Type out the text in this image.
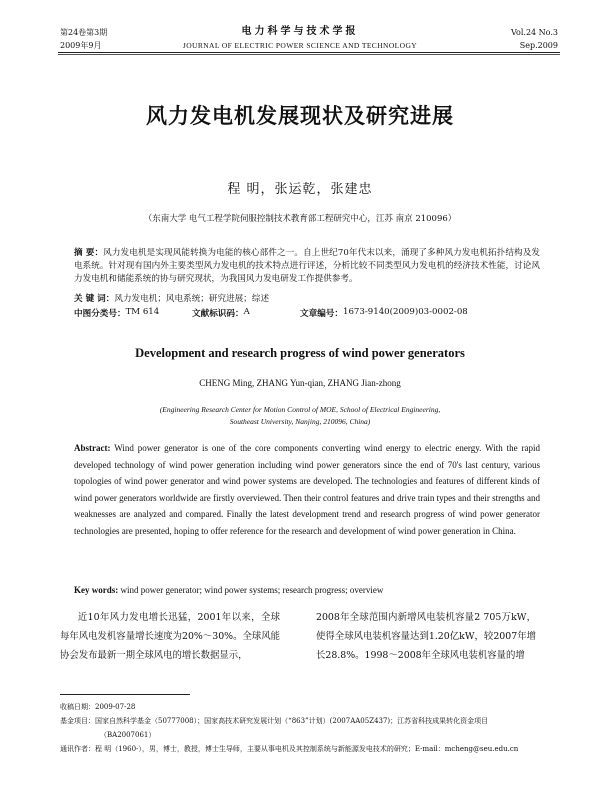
第24卷第3期
2009年9月
电力科学与技术学报
JOURNAL OF ELECTRIC POWER SCIENCE AND TECHNOLOGY
Vol.24 No.3
Sep.2009
风力发电机发展现状及研究进展
程 明，张运乾，张建忠
（东南大学 电气工程学院伺服控制技术教育部工程研究中心，江苏 南京 210096）
摘 要：风力发电机是实现风能转换为电能的核心部件之一。自上世纪70年代末以来，涌现了多种风力发电机拓扑结构及发电系统。针对现有国内外主要类型风力发电机的技术特点进行评述，分析比较不同类型风力发电机的经济技术性能，讨论风力发电机和储能系统的协与研究现状，为我国风力发电研发工作提供参考。
关 键 词：风力发电机；风电系统；研究进展；综述
中图分类号： TM 614	文献标识码： A	文章编号： 1673-9140(2009)03-0002-08
Development and research progress of wind power generators
CHENG Ming, ZHANG Yun-qian, ZHANG Jian-zhong
(Engineering Research Center for Motion Control of MOE, School of Electrical Engineering,
Southeast University, Nanjing, 210096, China)
Abstract: Wind power generator is one of the core components converting wind energy to electric energy. With the rapid developed technology of wind power generation including wind power generators since the end of 70's last century, various topologies of wind power generator and wind power systems are developed. The technologies and features of different kinds of wind power generators worldwide are firstly overviewed. Then their control features and drive train types and their strengths and weaknesses are analyzed and compared. Finally the latest development trend and research progress of wind power generator technologies are presented, hoping to offer reference for the research and development of wind power generation in China.
Key words: wind power generator; wind power systems; research progress; overview

近10年风力发电增长迅猛，2001年以来，全球每年风电发机容量增长速度为20%～30%。全球风能协会发布最新一期全球风电的增长数据显示，

2008年全球范围内新增风电装机容量2 705万kW，使得全球风电装机容量达到1.20亿kW，较2007年增长28.8%。1998～2008年全球风电装机容量的增

收稿日期：2009-07-28
基金项目：国家自然科学基金（50777008）；国家高技术研究发展计划（“863”计划）(2007AA05Z437)；江苏省科技成果转化资金项目
（BA2007061）
通讯作者：程 明（1960-），男，博士，教授，博士生导师，主要从事电机及其控制系统与新能源发电技术的研究；E-mail：mcheng@seu.edu.cn
